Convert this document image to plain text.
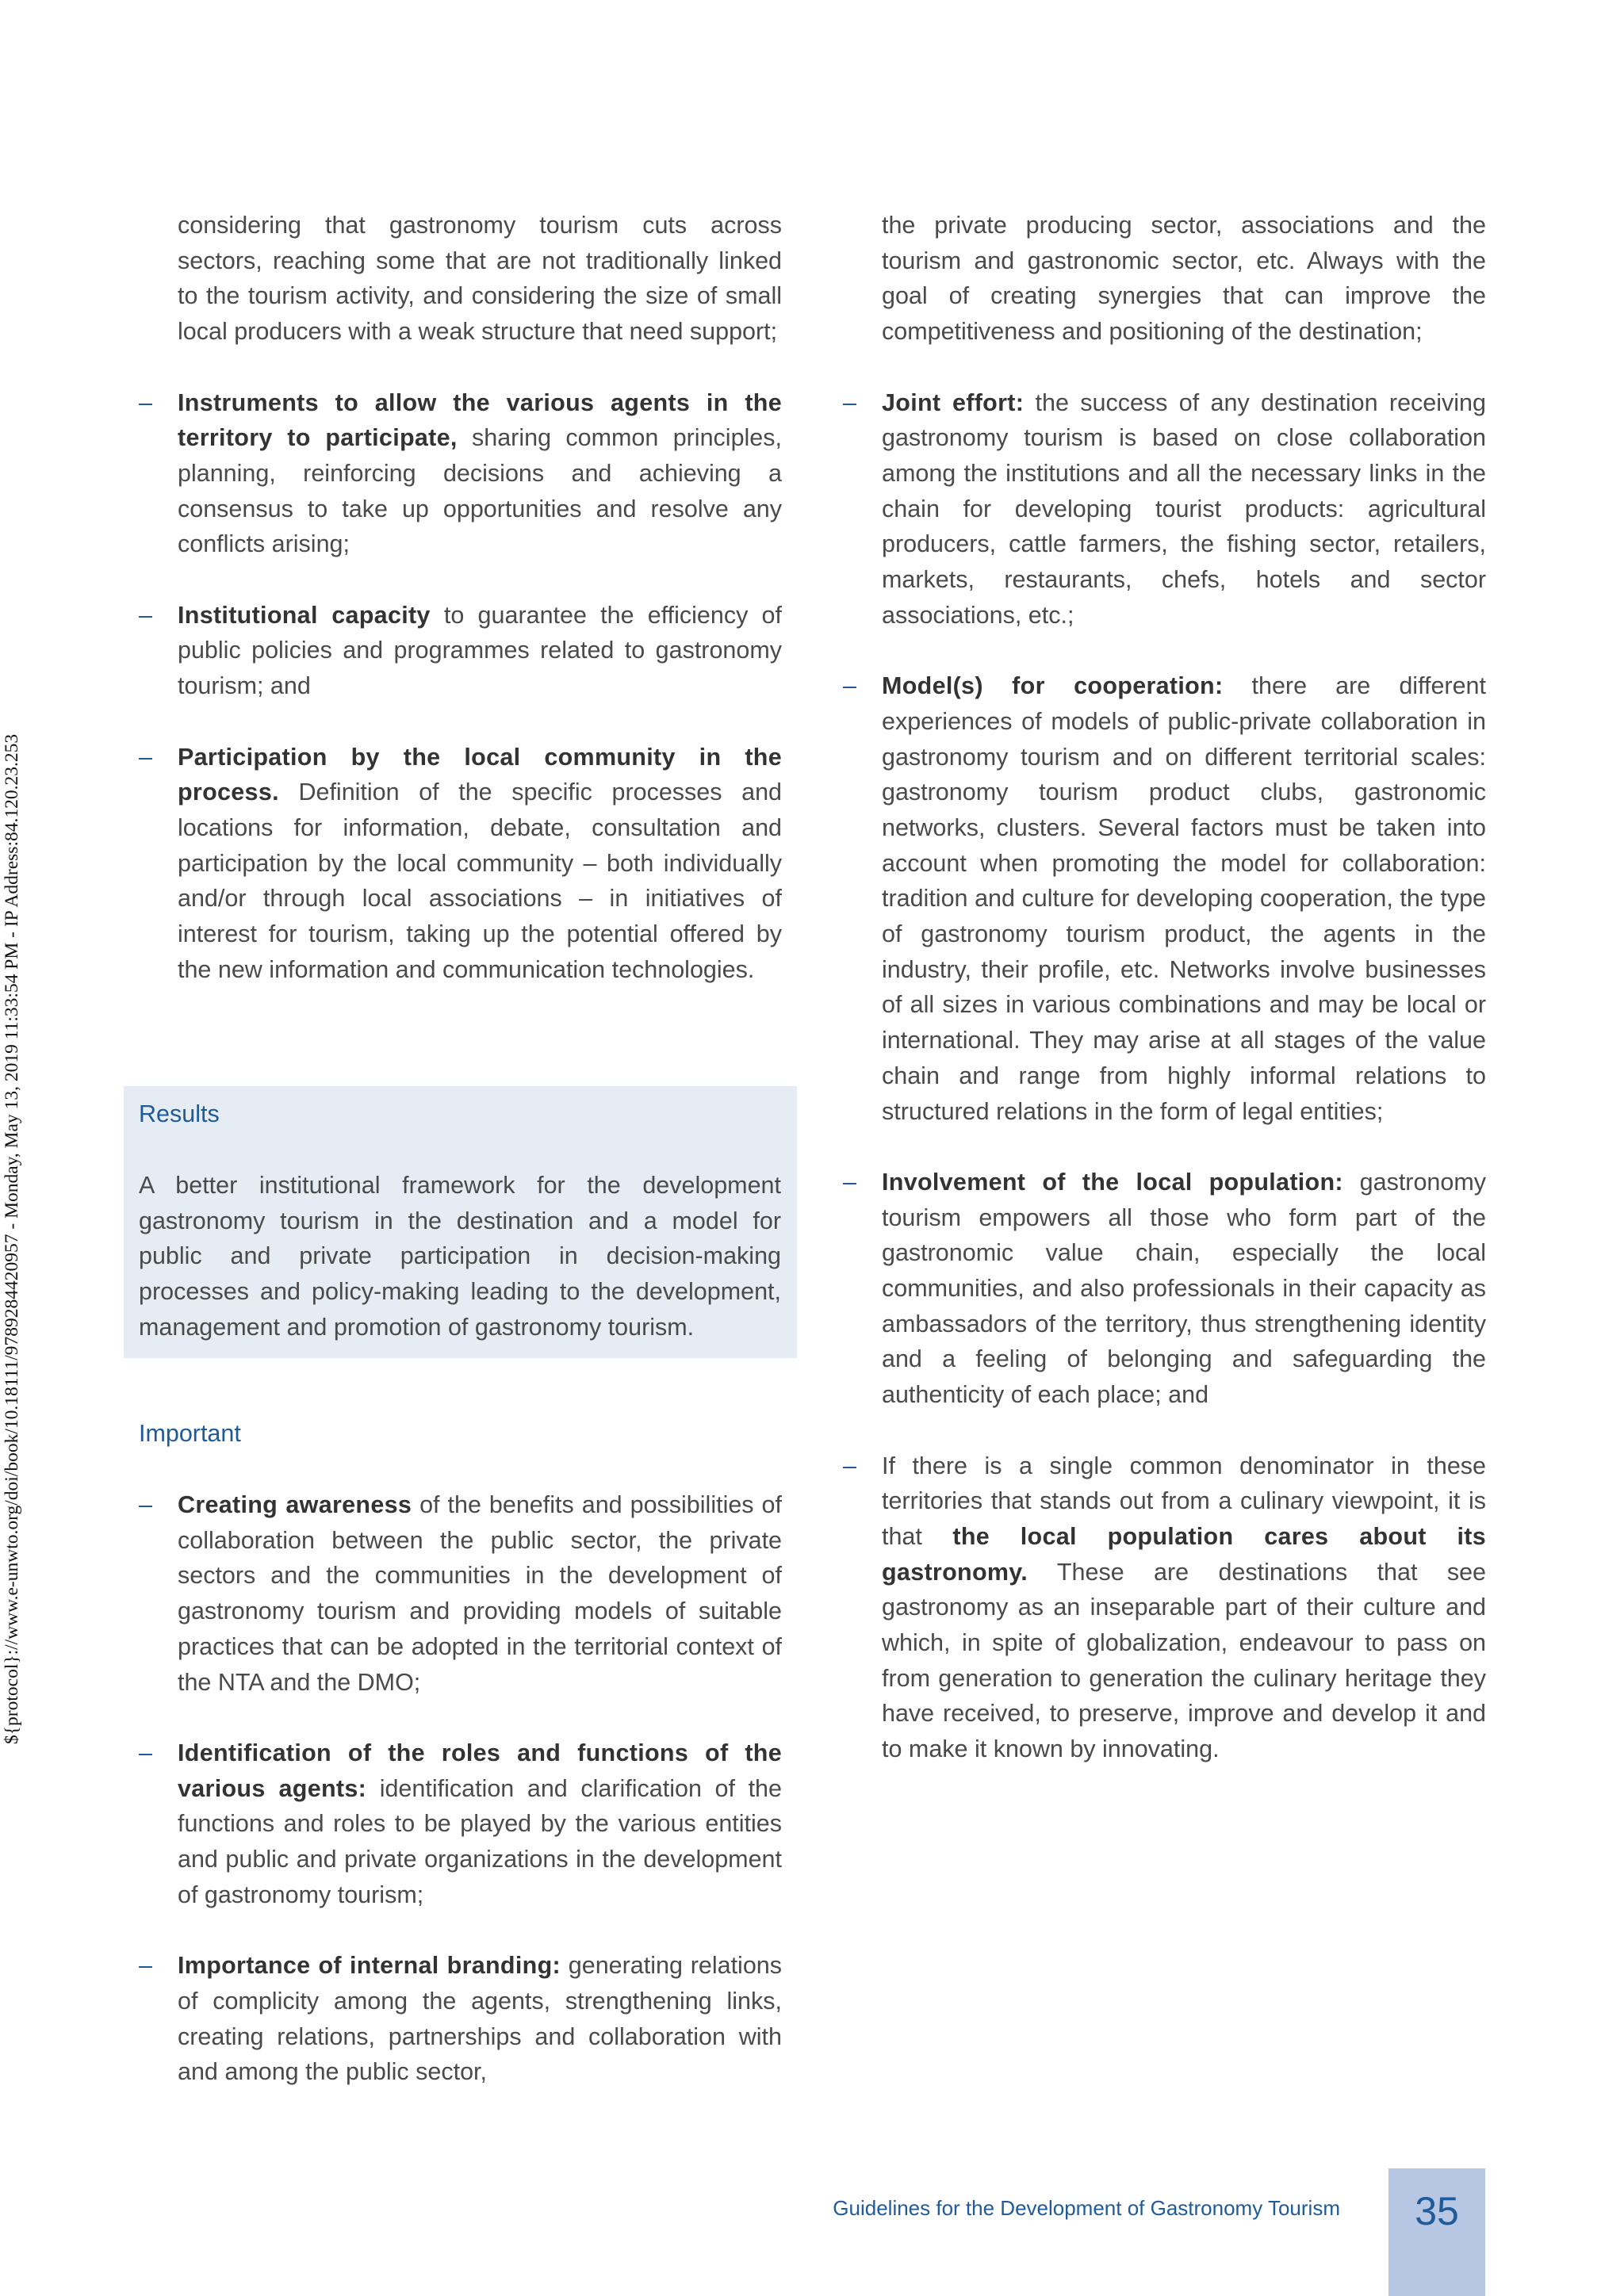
${protocol}://www.e-unwto.org/doi/book/10.18111/9789284420957 - Monday, May 13, 2019 11:33:54 PM - IP Address:84.120.23.253

considering that gastronomy tourism cuts across sectors, reaching some that are not traditionally linked to the tourism activity, and considering the size of small local producers with a weak structure that need support;

– Instruments to allow the various agents in the territory to participate, sharing common principles, planning, reinforcing decisions and achieving a consensus to take up opportunities and resolve any conflicts arising;
– Institutional capacity to guarantee the efficiency of public policies and programmes related to gastronomy tourism; and
– Participation by the local community in the process. Definition of the specific processes and locations for information, debate, consultation and participation by the local community – both individually and/or through local associations – in initiatives of interest for tourism, taking up the potential offered by the new information and communication technologies.
Results
A better institutional framework for the development gastronomy tourism in the destination and a model for public and private participation in decision-making processes and policy-making leading to the development, management and promotion of gastronomy tourism.
Important
– Creating awareness of the benefits and possibilities of collaboration between the public sector, the private sectors and the communities in the development of gastronomy tourism and providing models of suitable practices that can be adopted in the territorial context of the NTA and the DMO;
– Identification of the roles and functions of the various agents: identification and clarification of the functions and roles to be played by the various entities and public and private organizations in the development of gastronomy tourism;
– Importance of internal branding: generating relations of complicity among the agents, strengthening links, creating relations, partnerships and collaboration with and among the public sector,

the private producing sector, associations and the tourism and gastronomic sector, etc. Always with the goal of creating synergies that can improve the competitiveness and positioning of the destination;

– Joint effort: the success of any destination receiving gastronomy tourism is based on close collaboration among the institutions and all the necessary links in the chain for developing tourist products: agricultural producers, cattle farmers, the fishing sector, retailers, markets, restaurants, chefs, hotels and sector associations, etc.;
– Model(s) for cooperation: there are different experiences of models of public-private collaboration in gastronomy tourism and on different territorial scales: gastronomy tourism product clubs, gastronomic networks, clusters. Several factors must be taken into account when promoting the model for collaboration: tradition and culture for developing cooperation, the type of gastronomy tourism product, the agents in the industry, their profile, etc. Networks involve businesses of all sizes in various combinations and may be local or international. They may arise at all stages of the value chain and range from highly informal relations to structured relations in the form of legal entities;
– Involvement of the local population: gastronomy tourism empowers all those who form part of the gastronomic value chain, especially the local communities, and also professionals in their capacity as ambassadors of the territory, thus strengthening identity and a feeling of belonging and safeguarding the authenticity of each place; and
– If there is a single common denominator in these territories that stands out from a culinary viewpoint, it is that the local population cares about its gastronomy. These are destinations that see gastronomy as an inseparable part of their culture and which, in spite of globalization, endeavour to pass on from generation to generation the culinary heritage they have received, to preserve, improve and develop it and to make it known by innovating.
Guidelines for the Development of Gastronomy Tourism	35
